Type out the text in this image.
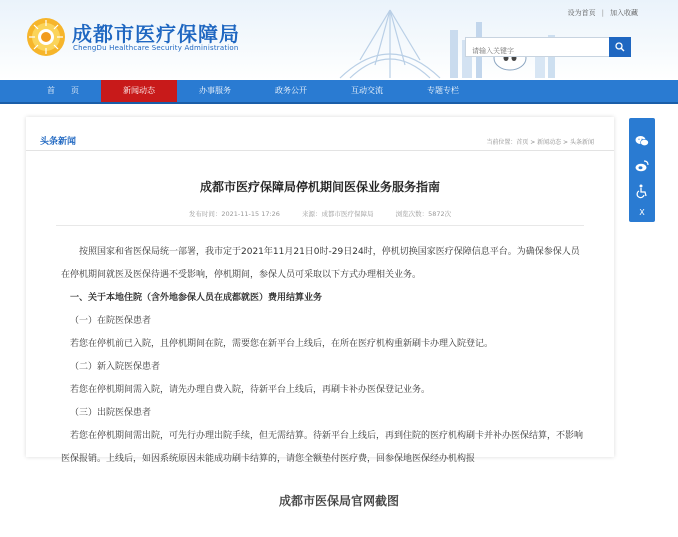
成都市医疗保障局
ChengDu Healthcare Security Administration
设为首页 | 加入收藏
请输入关键字
首　　页	新闻动态	办事服务	政务公开	互动交流	专题专栏
头条新闻	当前位置：首页 > 新闻动态 > 头条新闻
成都市医疗保障局停机期间医保业务服务指南
发布时间：2021-11-15 17:26	来源：成都市医疗保障局	浏览次数：5872次

按照国家和省医保局统一部署，我市定于2021年11月21日0时-29日24时，停机切换国家医疗保障信息平台。为确保参保人员在停机期间就医及医保待遇不受影响，停机期间，参保人员可采取以下方式办理相关业务。

一、关于本地住院（含外地参保人员在成都就医）费用结算业务

（一）在院医保患者

若您在停机前已入院，且停机期间在院，需要您在新平台上线后，在所在医疗机构重新刷卡办理入院登记。

（二）新入院医保患者

若您在停机期间需入院，请先办理自费入院，待新平台上线后，再刷卡补办医保登记业务。

（三）出院医保患者

若您在停机期间需出院，可先行办理出院手续，但无需结算。待新平台上线后，再到住院的医疗机构刷卡并补办医保结算，不影响医保报销。上线后，如因系统原因未能成功刷卡结算的，请您全额垫付医疗费，回参保地医保经办机构报

X
成都市医保局官网截图
